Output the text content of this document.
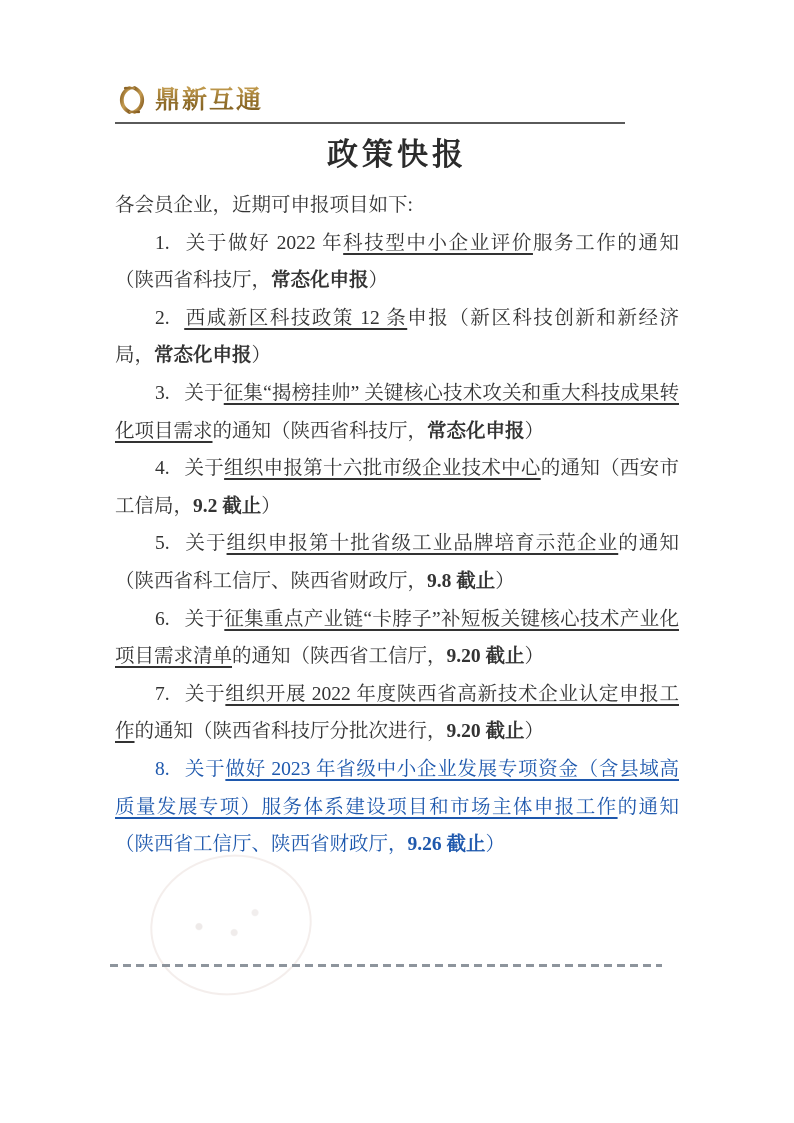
鼎新互通
政策快报

各会员企业，近期可申报项目如下:

1. 关于做好 2022 年科技型中小企业评价服务工作的通知（陕西省科技厅，常态化申报）

2. 西咸新区科技政策 12 条申报（新区科技创新和新经济局，常态化申报）

3. 关于征集“揭榜挂帅” 关键核心技术攻关和重大科技成果转化项目需求的通知（陕西省科技厅，常态化申报）

4. 关于组织申报第十六批市级企业技术中心的通知（西安市工信局，9.2 截止）

5. 关于组织申报第十批省级工业品牌培育示范企业的通知（陕西省科工信厅、陕西省财政厅，9.8 截止）

6. 关于征集重点产业链“卡脖子”补短板关键核心技术产业化项目需求清单的通知（陕西省工信厅，9.20 截止）

7. 关于组织开展 2022 年度陕西省高新技术企业认定申报工作的通知（陕西省科技厅分批次进行，9.20 截止）

8. 关于做好 2023 年省级中小企业发展专项资金（含县域高质量发展专项）服务体系建设项目和市场主体申报工作的通知（陕西省工信厅、陕西省财政厅，9.26 截止）
